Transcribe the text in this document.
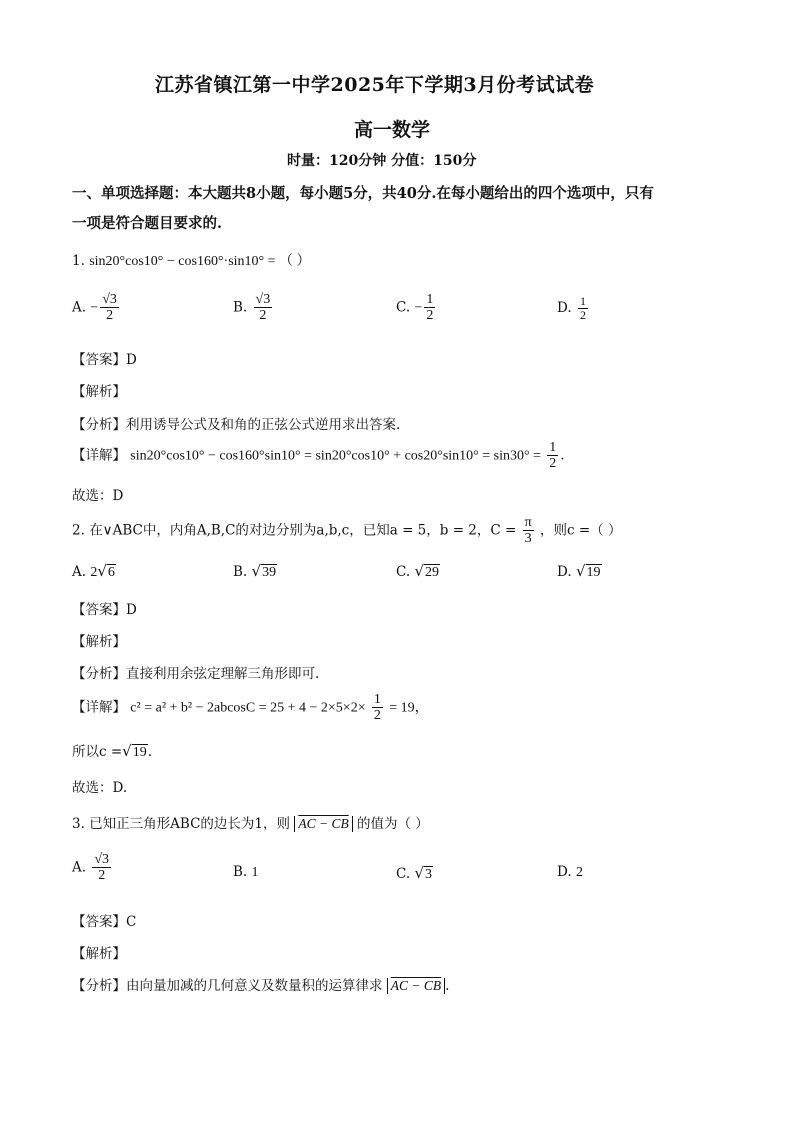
江苏省镇江第一中学2025年下学期3月份考试试卷
高一数学
时量：120分钟 分值：150分
一、单项选择题：本大题共8小题，每小题5分，共40分.在每小题给出的四个选项中，只有
一项是符合题目要求的.
1. sin20°cos10° − cos160°·sin10° = （ ）
A. − $\frac{√3}{2}$	B. $\frac{√3}{2}$	C. − $\frac{1}{2}$	D. $\frac{1}{2}$
【答案】D
【解析】
【分析】利用诱导公式及和角的正弦公式逆用求出答案.
【详解】 $\sin 20^\circ\cos 10^\circ - \cos 160^\circ\sin 10^\circ = \sin 20^\circ\cos 10^\circ + \cos 20^\circ\sin 10^\circ = \sin 30^\circ = \frac{1}{2}$ .
故选：D
2. 在∨ABC中，内角A,B,C的对边分别为a,b,c，已知a = 5，b = 2，$C = \frac{\pi}{3}$ ，则c =（ ）
A. 2√6	B. √39	C. √29	D. √19
【答案】D
【解析】
【分析】直接利用余弦定理解三角形即可.
【详解】 $c^2 = a^2 + b^2 - 2abcosC = 25 + 4 - 2\times 5\times 2\times \frac{1}{2} = 19$，
所以c =√19.
故选：D.
3. 已知正三角形ABC的边长为1，则 AC − CB 的值为（ ）
A. $\frac{√3}{2}$	B. 1	C. √3	D. 2
【答案】C
【解析】
【分析】由向量加减的几何意义及数量积的运算律求 AC − CB .
